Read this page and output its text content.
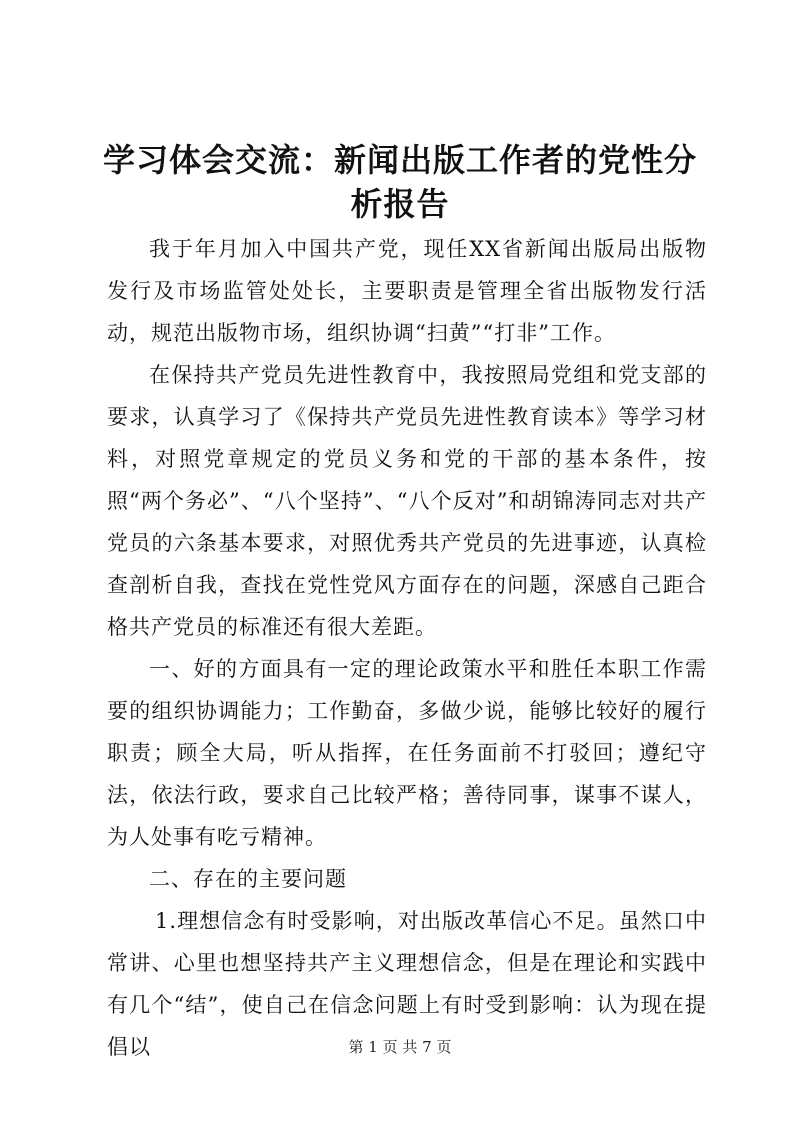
学习体会交流：新闻出版工作者的党性分析报告

我于年月加入中国共产党，现任XX省新闻出版局出版物发行及市场监管处处长，主要职责是管理全省出版物发行活动，规范出版物市场，组织协调“扫黄”“打非”工作。

在保持共产党员先进性教育中，我按照局党组和党支部的要求，认真学习了《保持共产党员先进性教育读本》等学习材料，对照党章规定的党员义务和党的干部的基本条件，按照“两个务必”、“八个坚持”、“八个反对”和胡锦涛同志对共产党员的六条基本要求，对照优秀共产党员的先进事迹，认真检查剖析自我，查找在党性党风方面存在的问题，深感自己距合格共产党员的标准还有很大差距。

一、好的方面具有一定的理论政策水平和胜任本职工作需要的组织协调能力；工作勤奋，多做少说，能够比较好的履行职责；顾全大局，听从指挥，在任务面前不打驳回；遵纪守法，依法行政，要求自己比较严格；善待同事，谋事不谋人，为人处事有吃亏精神。

二、存在的主要问题

1.理想信念有时受影响，对出版改革信心不足。虽然口中常讲、心里也想坚持共产主义理想信念，但是在理论和实践中有几个“结”，使自己在信念问题上有时受到影响：认为现在提倡以	第 1 页 共 7 页
